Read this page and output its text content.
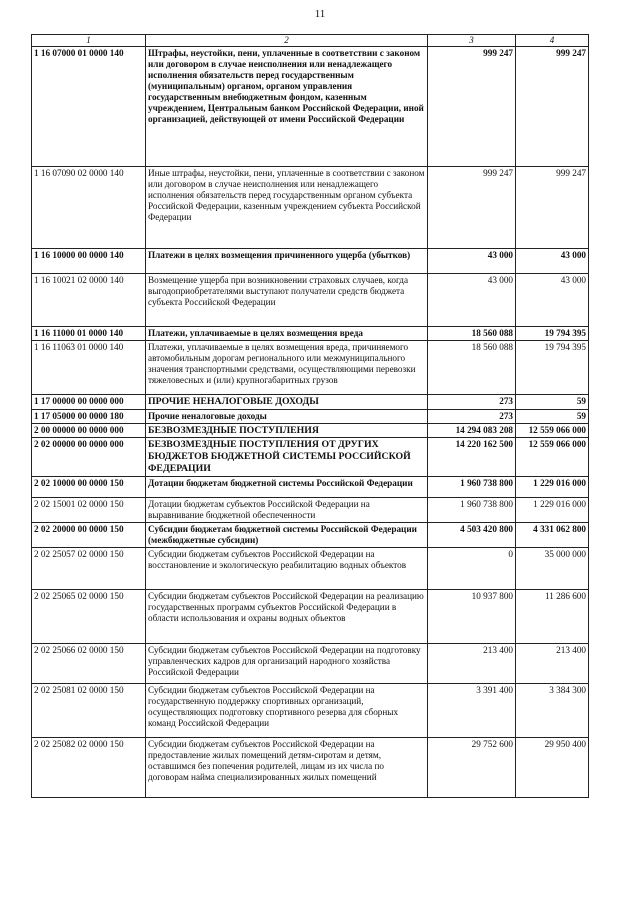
11
1	2	3	4
1 16 07000 01 0000 140	Штрафы, неустойки, пени, уплаченные в соответствии с законом или договором в случае неисполнения или ненадлежащего исполнения обязательств перед государственным (муниципальным) органом, органом управления государственным внебюджетным фондом, казенным учреждением, Центральным банком Российской Федерации, иной организацией, действующей от имени Российской Федерации	999 247	999 247
1 16 07090 02 0000 140	Иные штрафы, неустойки, пени, уплаченные в соответствии с законом или договором в случае неисполнения или ненадлежащего исполнения обязательств перед государственным органом субъекта Российской Федерации, казенным учреждением субъекта Российской Федерации	999 247	999 247
1 16 10000 00 0000 140	Платежи в целях возмещения причиненного ущерба (убытков)	43 000	43 000
1 16 10021 02 0000 140	Возмещение ущерба при возникновении страховых случаев, когда выгодоприобретателями выступают получатели средств бюджета субъекта Российской Федерации	43 000	43 000
1 16 11000 01 0000 140	Платежи, уплачиваемые в целях возмещения вреда	18 560 088	19 794 395
1 16 11063 01 0000 140	Платежи, уплачиваемые в целях возмещения вреда, причиняемого автомобильным дорогам регионального или межмуниципального значения транспортными средствами, осуществляющими перевозки тяжеловесных и (или) крупногабаритных грузов	18 560 088	19 794 395
1 17 00000 00 0000 000	ПРОЧИЕ НЕНАЛОГОВЫЕ ДОХОДЫ	273	59
1 17 05000 00 0000 180	Прочие неналоговые доходы	273	59
2 00 00000 00 0000 000	БЕЗВОЗМЕЗДНЫЕ ПОСТУПЛЕНИЯ	14 294 083 208	12 559 066 000
2 02 00000 00 0000 000	БЕЗВОЗМЕЗДНЫЕ ПОСТУПЛЕНИЯ ОТ ДРУГИХ БЮДЖЕТОВ БЮДЖЕТНОЙ СИСТЕМЫ РОССИЙСКОЙ ФЕДЕРАЦИИ	14 220 162 500	12 559 066 000
2 02 10000 00 0000 150	Дотации бюджетам бюджетной системы Российской Федерации	1 960 738 800	1 229 016 000
2 02 15001 02 0000 150	Дотации бюджетам субъектов Российской Федерации на выравнивание бюджетной обеспеченности	1 960 738 800	1 229 016 000
2 02 20000 00 0000 150	Субсидии бюджетам бюджетной системы Российской Федерации (межбюджетные субсидии)	4 503 420 800	4 331 062 800
2 02 25057 02 0000 150	Субсидии бюджетам субъектов Российской Федерации на восстановление и экологическую реабилитацию водных объектов	0	35 000 000
2 02 25065 02 0000 150	Субсидии бюджетам субъектов Российской Федерации на реализацию государственных программ субъектов Российской Федерации в области использования и охраны водных объектов	10 937 800	11 286 600
2 02 25066 02 0000 150	Субсидии бюджетам субъектов Российской Федерации на подготовку управленческих кадров для организаций народного хозяйства Российской Федерации	213 400	213 400
2 02 25081 02 0000 150	Субсидии бюджетам субъектов Российской Федерации на государственную поддержку спортивных организаций, осуществляющих подготовку спортивного резерва для сборных команд Российской Федерации	3 391 400	3 384 300
2 02 25082 02 0000 150	Субсидии бюджетам субъектов Российской Федерации на предоставление жилых помещений детям-сиротам и детям, оставшимся без попечения родителей, лицам из их числа по договорам найма специализированных жилых помещений	29 752 600	29 950 400
